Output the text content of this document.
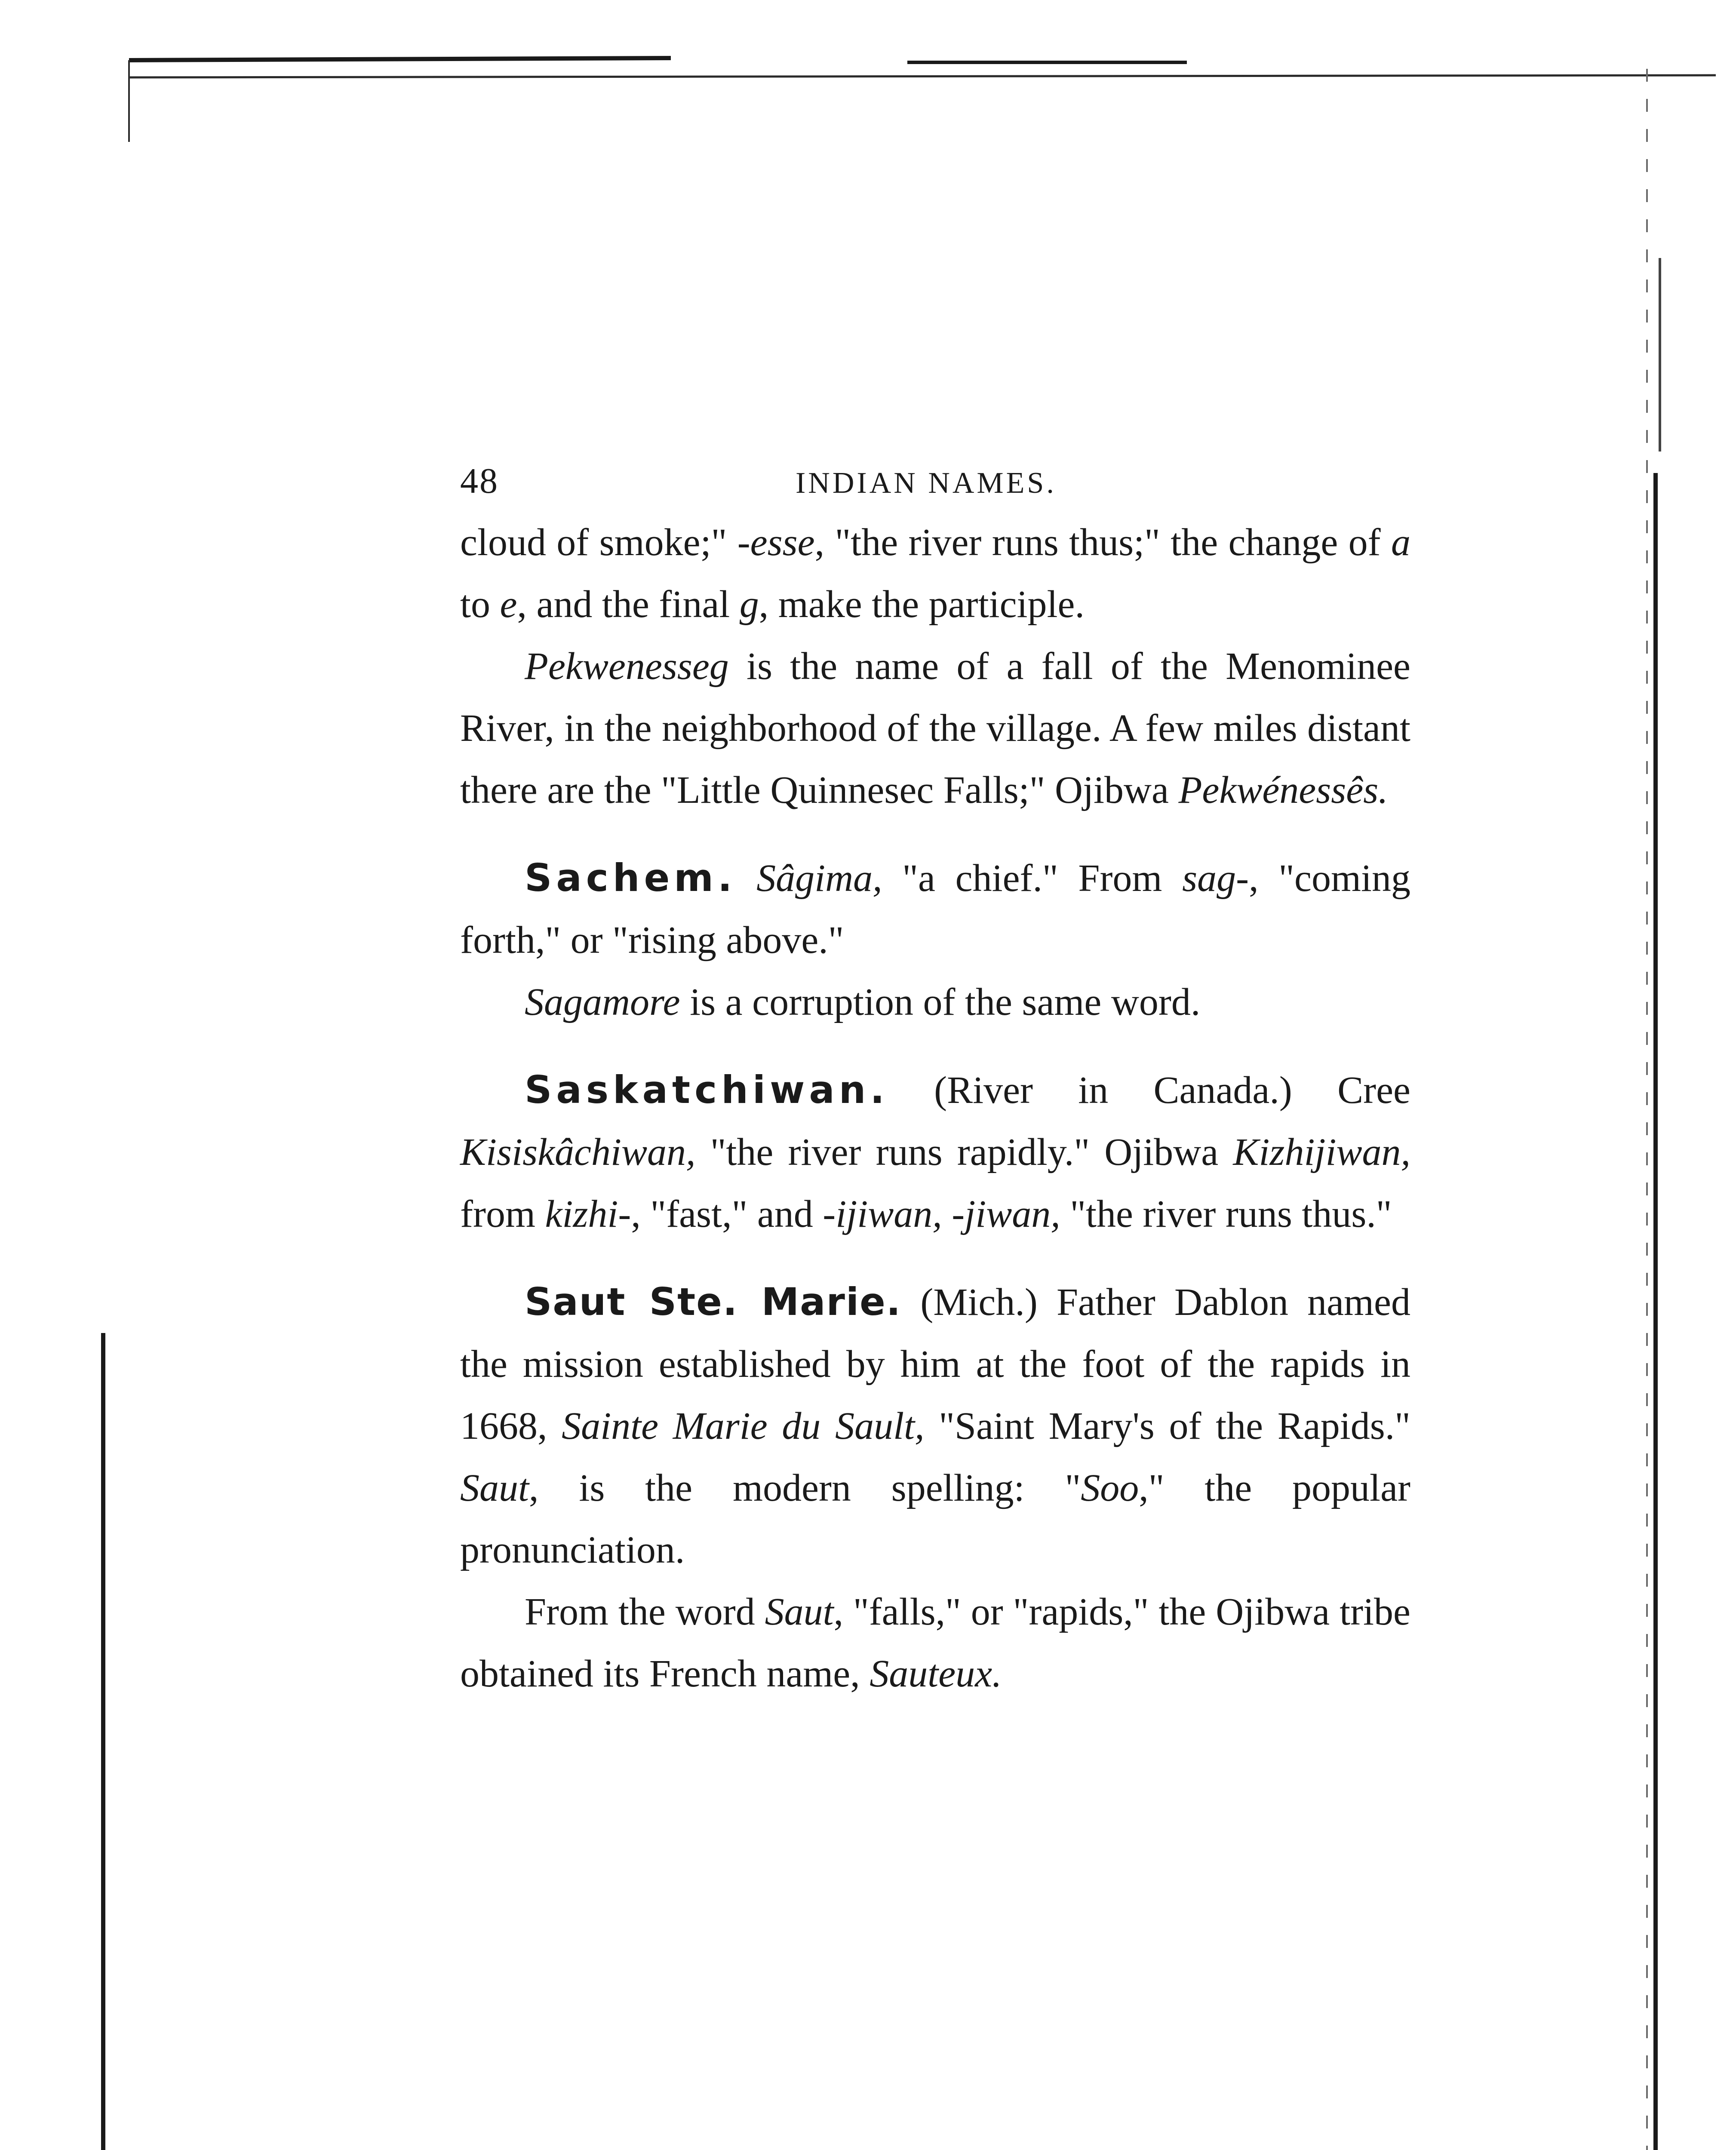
48	INDIAN NAMES.

cloud of smoke;" -esse, "the river runs thus;" the change of a to e, and the final g, make the participle.

Pekwenesseg is the name of a fall of the Menominee River, in the neighborhood of the village. A few miles distant there are the "Little Quinnesec Falls;" Ojibwa Pekwénessês.

Sachem. Sâgima, "a chief." From sag-, "coming forth," or "rising above."

Sagamore is a corruption of the same word.

Saskatchiwan. (River in Canada.) Cree Kisiskâchiwan, "the river runs rapidly." Ojibwa Kizhijiwan, from kizhi-, "fast," and -ijiwan, -jiwan, "the river runs thus."

Saut Ste. Marie. (Mich.) Father Dablon named the mission established by him at the foot of the rapids in 1668, Sainte Marie du Sault, "Saint Mary's of the Rapids." Saut, is the modern spelling: "Soo," the popular pronunciation.

From the word Saut, "falls," or "rapids," the Ojibwa tribe obtained its French name, Sauteux.
